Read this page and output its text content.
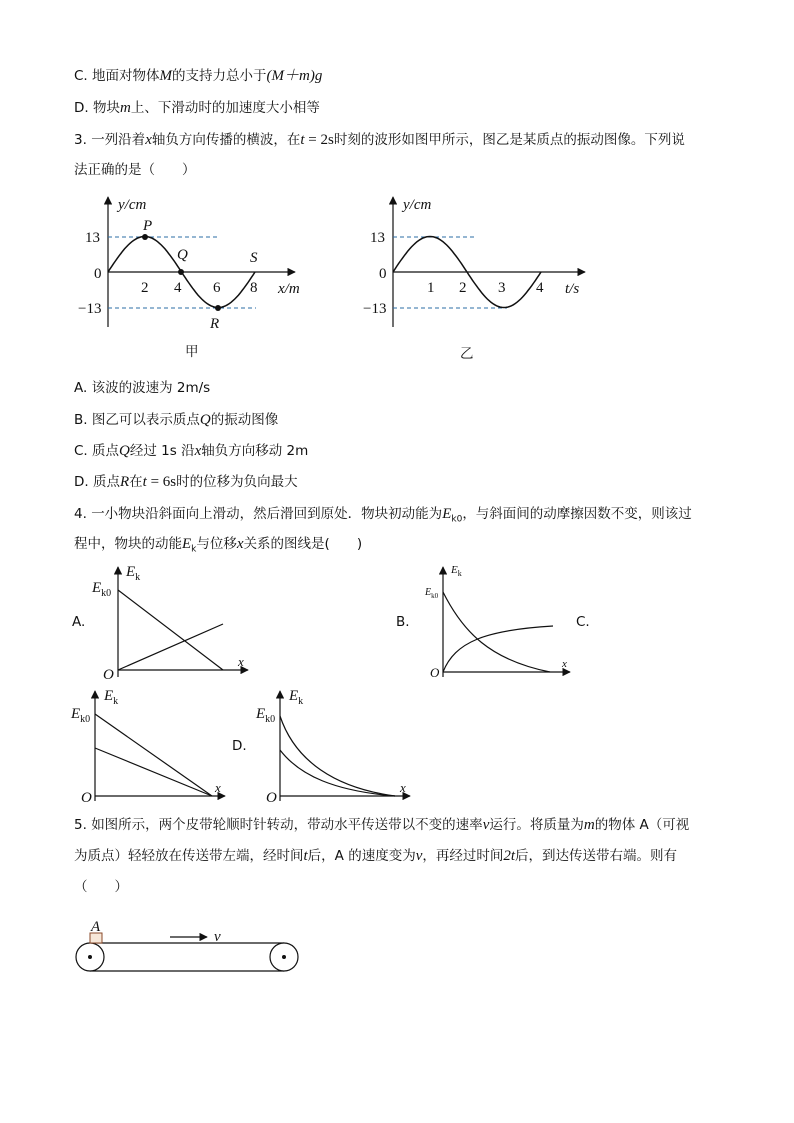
C. 地面对物体M的支持力总小于(M＋m)g
D. 物块m上、下滑动时的加速度大小相等
3. 一列沿着x轴负方向传播的横波，在t = 2s时刻的波形如图甲所示，图乙是某质点的振动图像。下列说
法正确的是（　　）
y/cm
x/m
13
0
−13
2 4 6 8
P
Q
R
S
甲
y/cm
t/s
13
0
−13
1 2 3 4
乙
A. 该波的波速为 2m/s
B. 图乙可以表示质点Q的振动图像
C. 质点Q经过 1s 沿x轴负方向移动 2m
D. 质点R在t = 6s时的位移为负向最大
4. 一小物块沿斜面向上滑动，然后滑回到原处．物块初动能为$E_{k0}$，与斜面间的动摩擦因数不变，则该过
程中，物块的动能$E_k$与位移x关系的图线是(　　)
A.
$E_k$
$E_{k0}$
O
x
B.
$E_k$
$E_{k0}$
O
x
C.
$E_k$
$E_{k0}$
O
x
D.
$E_k$
$E_{k0}$
O
x
5. 如图所示，两个皮带轮顺时针转动，带动水平传送带以不变的速率v运行。将质量为m的物体 A（可视
为质点）轻轻放在传送带左端，经时间t后，A 的速度变为v，再经过时间2t后，到达传送带右端。则有
（　　）
A
v
